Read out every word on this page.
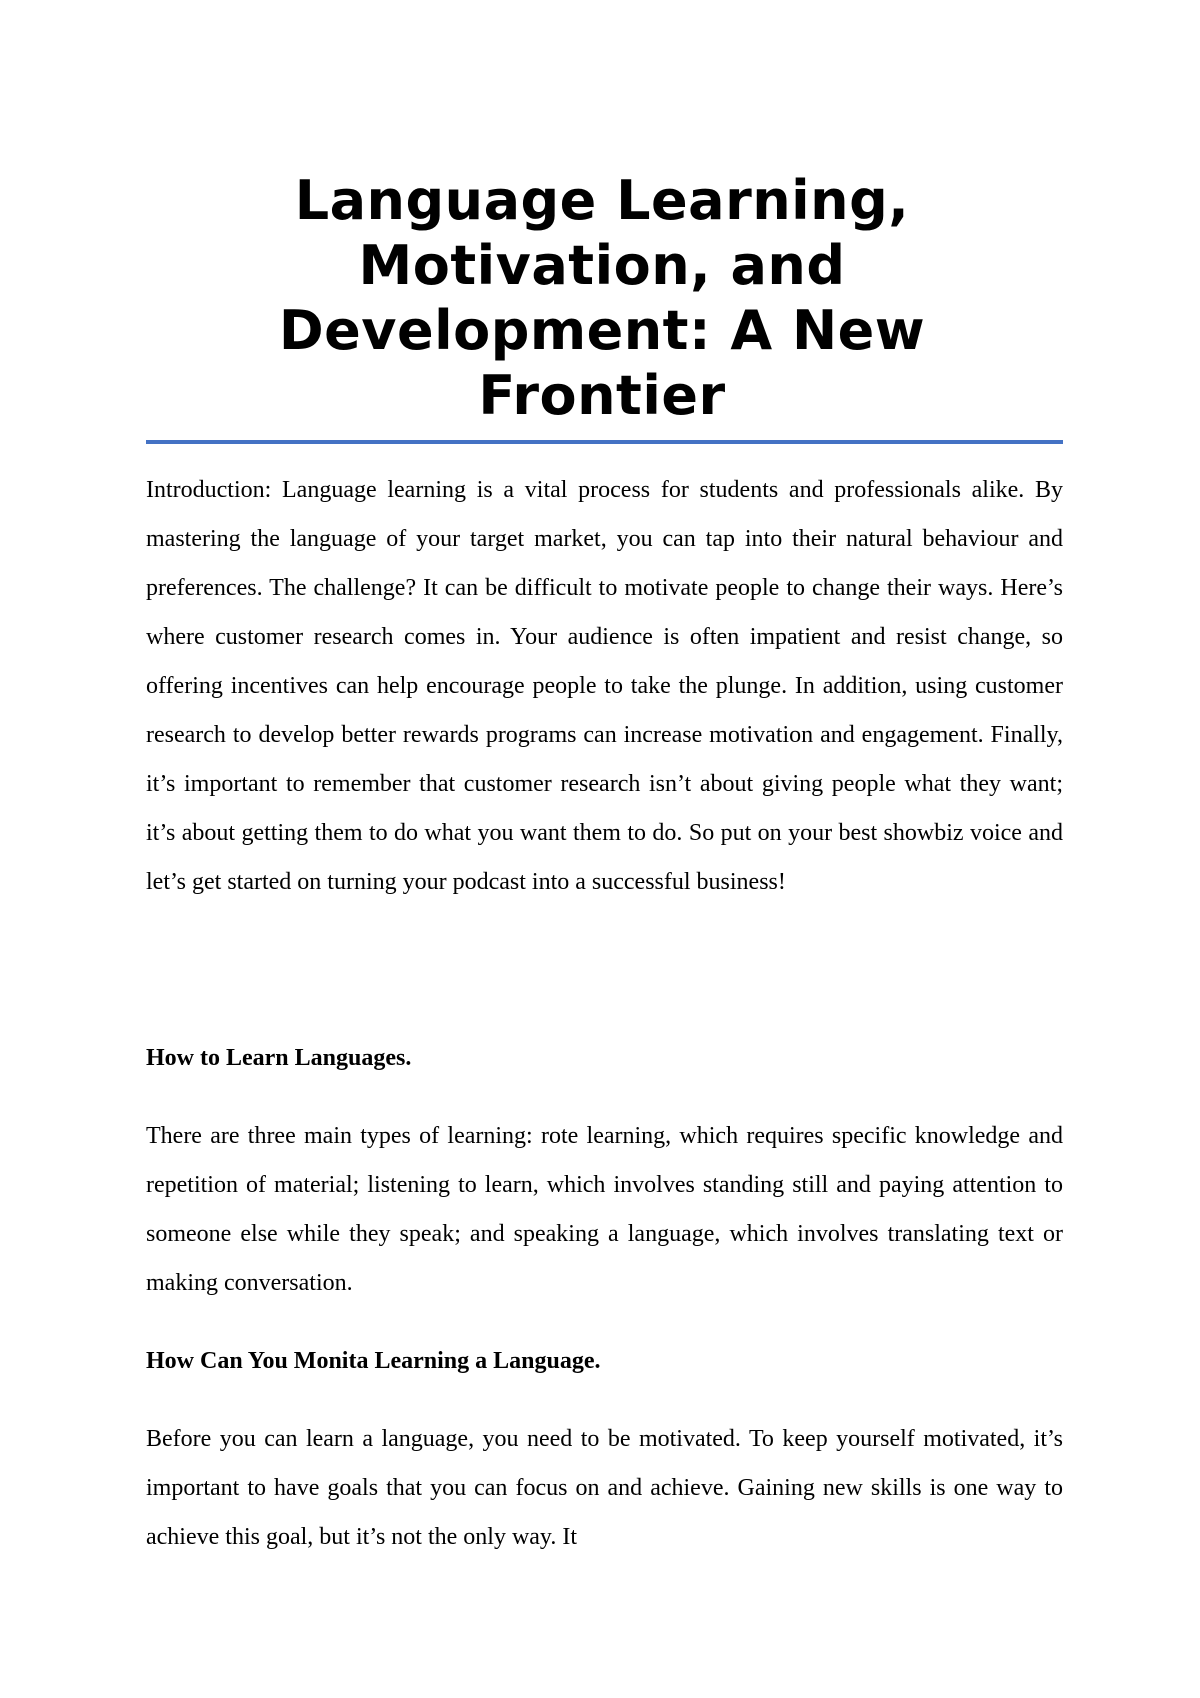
Language Learning, Motivation, and Development: A New Frontier

Introduction: Language learning is a vital process for students and professionals alike. By mastering the language of your target market, you can tap into their natural behaviour and preferences. The challenge? It can be difficult to motivate people to change their ways. Here’s where customer research comes in. Your audience is often impatient and resist change, so offering incentives can help encourage people to take the plunge. In addition, using customer research to develop better rewards programs can increase motivation and engagement. Finally, it’s important to remember that customer research isn’t about giving people what they want; it’s about getting them to do what you want them to do. So put on your best showbiz voice and let’s get started on turning your podcast into a successful business!

How to Learn Languages.

There are three main types of learning: rote learning, which requires specific knowledge and repetition of material; listening to learn, which involves standing still and paying attention to someone else while they speak; and speaking a language, which involves translating text or making conversation.

How Can You Monita Learning a Language.

Before you can learn a language, you need to be motivated. To keep yourself motivated, it’s important to have goals that you can focus on and achieve. Gaining new skills is one way to achieve this goal, but it’s not the only way. It
